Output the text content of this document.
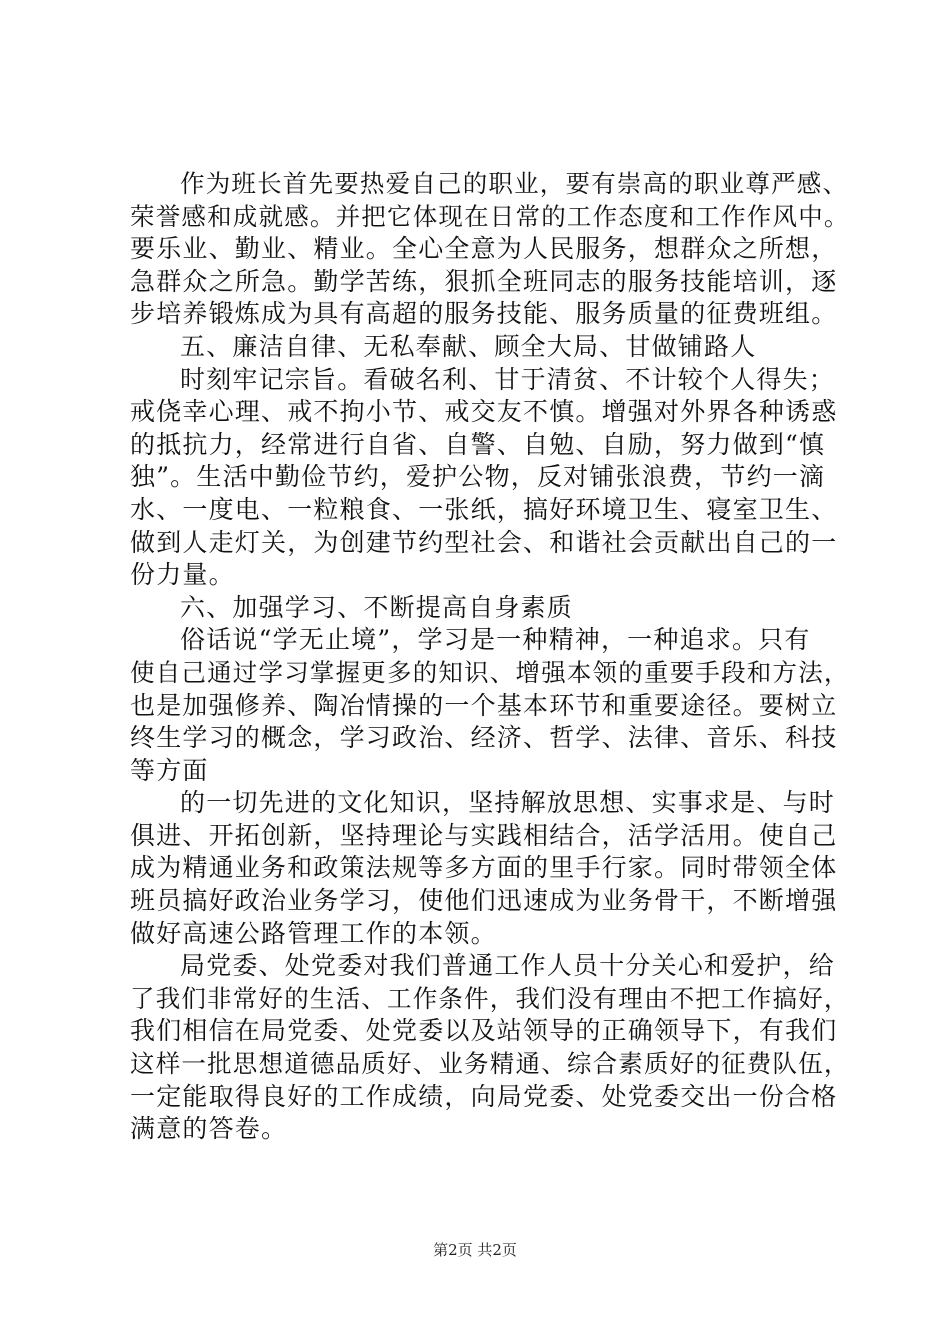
作为班长首先要热爱自己的职业，要有崇高的职业尊严感、
荣誉感和成就感。并把它体现在日常的工作态度和工作作风中。
要乐业、勤业、精业。全心全意为人民服务，想群众之所想，
急群众之所急。勤学苦练，狠抓全班同志的服务技能培训，逐
步培养锻炼成为具有高超的服务技能、服务质量的征费班组。
五、廉洁自律、无私奉献、顾全大局、甘做铺路人
时刻牢记宗旨。看破名利、甘于清贫、不计较个人得失；
戒侥幸心理、戒不拘小节、戒交友不慎。增强对外界各种诱惑
的抵抗力，经常进行自省、自警、自勉、自励，努力做到“慎
独”。生活中勤俭节约，爱护公物，反对铺张浪费，节约一滴
水、一度电、一粒粮食、一张纸，搞好环境卫生、寝室卫生、
做到人走灯关，为创建节约型社会、和谐社会贡献出自己的一
份力量。
六、加强学习、不断提高自身素质
俗话说“学无止境”，学习是一种精神，一种追求。只有
使自己通过学习掌握更多的知识、增强本领的重要手段和方法，
也是加强修养、陶冶情操的一个基本环节和重要途径。要树立
终生学习的概念，学习政治、经济、哲学、法律、音乐、科技
等方面
的一切先进的文化知识，坚持解放思想、实事求是、与时
俱进、开拓创新，坚持理论与实践相结合，活学活用。使自己
成为精通业务和政策法规等多方面的里手行家。同时带领全体
班员搞好政治业务学习，使他们迅速成为业务骨干，不断增强
做好高速公路管理工作的本领。
局党委、处党委对我们普通工作人员十分关心和爱护，给
了我们非常好的生活、工作条件，我们没有理由不把工作搞好，
我们相信在局党委、处党委以及站领导的正确领导下，有我们
这样一批思想道德品质好、业务精通、综合素质好的征费队伍，
一定能取得良好的工作成绩，向局党委、处党委交出一份合格
满意的答卷。
第2页 共2页
